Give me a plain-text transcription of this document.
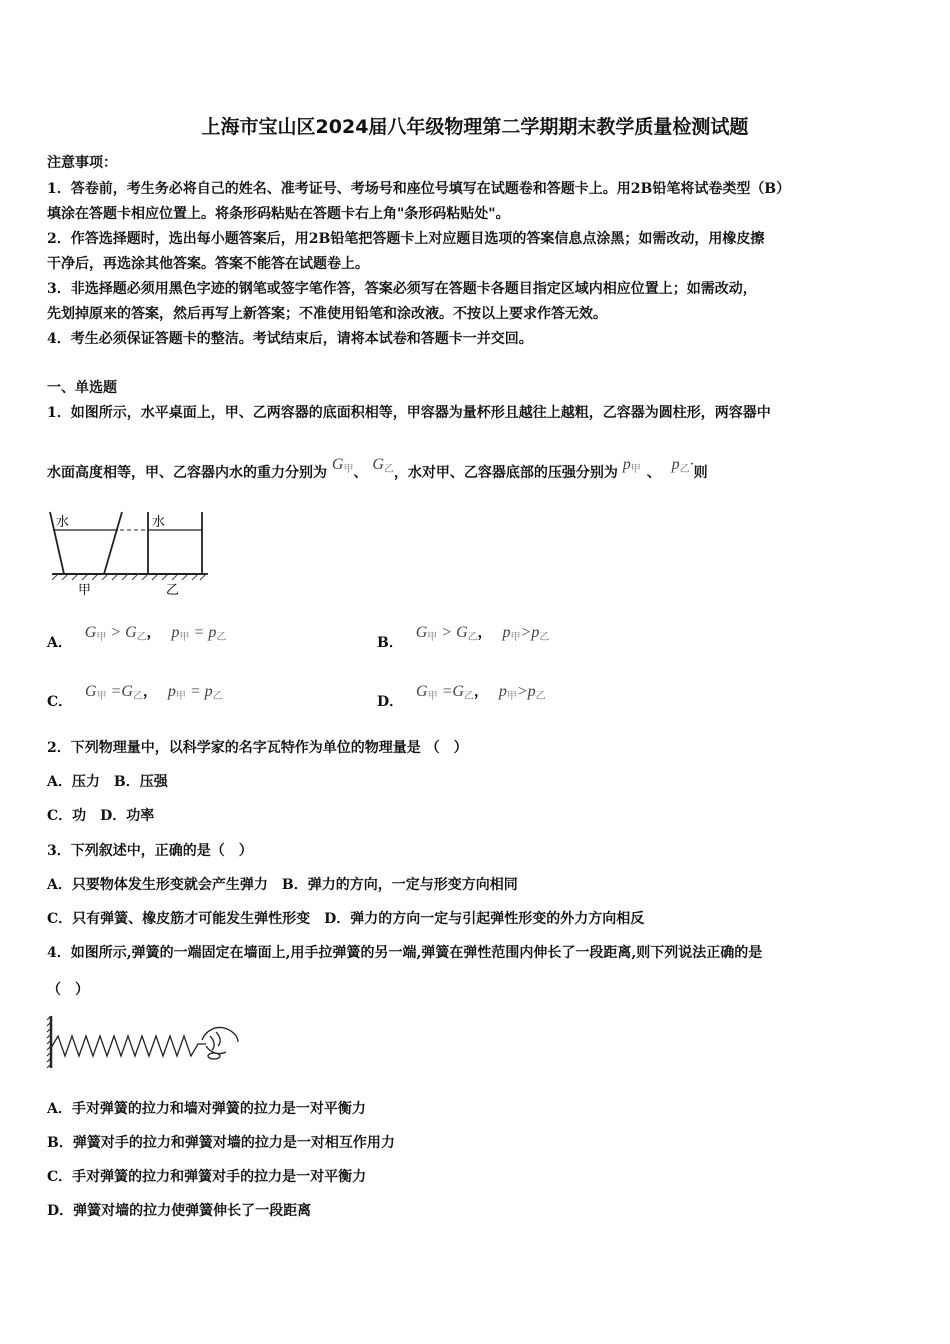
上海市宝山区2024届八年级物理第二学期期末教学质量检测试题
注意事项：
1．答卷前，考生务必将自己的姓名、准考证号、考场号和座位号填写在试题卷和答题卡上。用2B铅笔将试卷类型（B）
填涂在答题卡相应位置上。将条形码粘贴在答题卡右上角"条形码粘贴处"。
2．作答选择题时，选出每小题答案后，用2B铅笔把答题卡上对应题目选项的答案信息点涂黑；如需改动，用橡皮擦
干净后，再选涂其他答案。答案不能答在试题卷上。
3．非选择题必须用黑色字迹的钢笔或签字笔作答，答案必须写在答题卡各题目指定区域内相应位置上；如需改动，
先划掉原来的答案，然后再写上新答案；不准使用铅笔和涂改液。不按以上要求作答无效。
4．考生必须保证答题卡的整洁。考试结束后，请将本试卷和答题卡一并交回。
一、单选题
1．如图所示，水平桌面上，甲、乙两容器的底面积相等，甲容器为量杯形且越往上越粗，乙容器为圆柱形，两容器中
水面高度相等，甲、乙容器内水的重力分别为 $G_甲$、 $G_乙$，水对甲、乙容器底部的压强分别为 $p_甲$ 、 $p_乙\cdot$则
水	水
甲	乙
A． $G_甲 > G_乙$， $p_甲 = p_乙$	B． $G_甲 > G_乙$， $p_甲>p_乙$
C． $G_甲 =G_乙$， $p_甲 = p_乙$	D． $G_甲 =G_乙$， $p_甲>p_乙$
2．下列物理量中，以科学家的名字瓦特作为单位的物理量是 （　）
A．压力　B．压强
C．功　D．功率
3．下列叙述中，正确的是（　）
A．只要物体发生形变就会产生弹力　B．弹力的方向，一定与形变方向相同
C．只有弹簧、橡皮筋才可能发生弹性形变　D．弹力的方向一定与引起弹性形变的外力方向相反
4．如图所示,弹簧的一端固定在墙面上,用手拉弹簧的另一端,弹簧在弹性范围内伸长了一段距离,则下列说法正确的是
（　）
A．手对弹簧的拉力和墙对弹簧的拉力是一对平衡力
B．弹簧对手的拉力和弹簧对墙的拉力是一对相互作用力
C．手对弹簧的拉力和弹簧对手的拉力是一对平衡力
D．弹簧对墙的拉力使弹簧伸长了一段距离
